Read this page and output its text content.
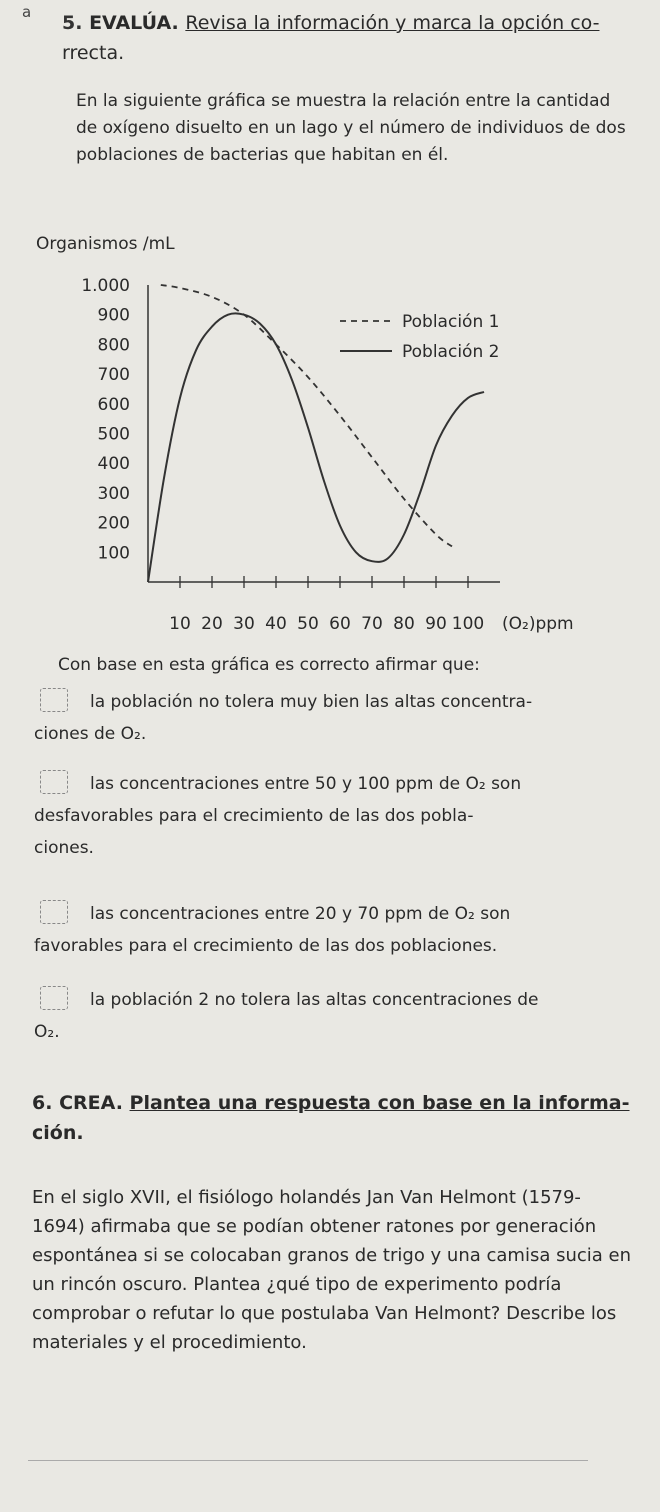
a 5. EVALÚA. Revisa la información y marca la opción co-
rrecta.
En la siguiente gráfica se muestra la relación entre la cantidad de oxígeno disuelto en un lago y el número de individuos de dos poblaciones de bacterias que habitan en él.
Organismos /mL
1.000
900
800
700
600
500
400
300
200
100
10 20 30 40 50 60 70 80 90 100 (O₂)ppm
Población 1
Población 2
Con base en esta gráfica es correcto afirmar que:
la población no tolera muy bien las altas concentra-
ciones de O₂.
las concentraciones entre 50 y 100 ppm de O₂ son
desfavorables para el crecimiento de las dos pobla-
ciones.
las concentraciones entre 20 y 70 ppm de O₂ son
favorables para el crecimiento de las dos poblaciones.
la población 2 no tolera las altas concentraciones de
O₂.
6. CREA. Plantea una respuesta con base en la informa-
ción.
En el siglo XVII, el fisiólogo holandés Jan Van Helmont (1579-1694) afirmaba que se podían obtener ratones por generación espontánea si se colocaban granos de trigo y una camisa sucia en un rincón oscuro. Plantea ¿qué tipo de experimento podría comprobar o refutar lo que postulaba Van Helmont? Describe los materiales y el procedimiento.
